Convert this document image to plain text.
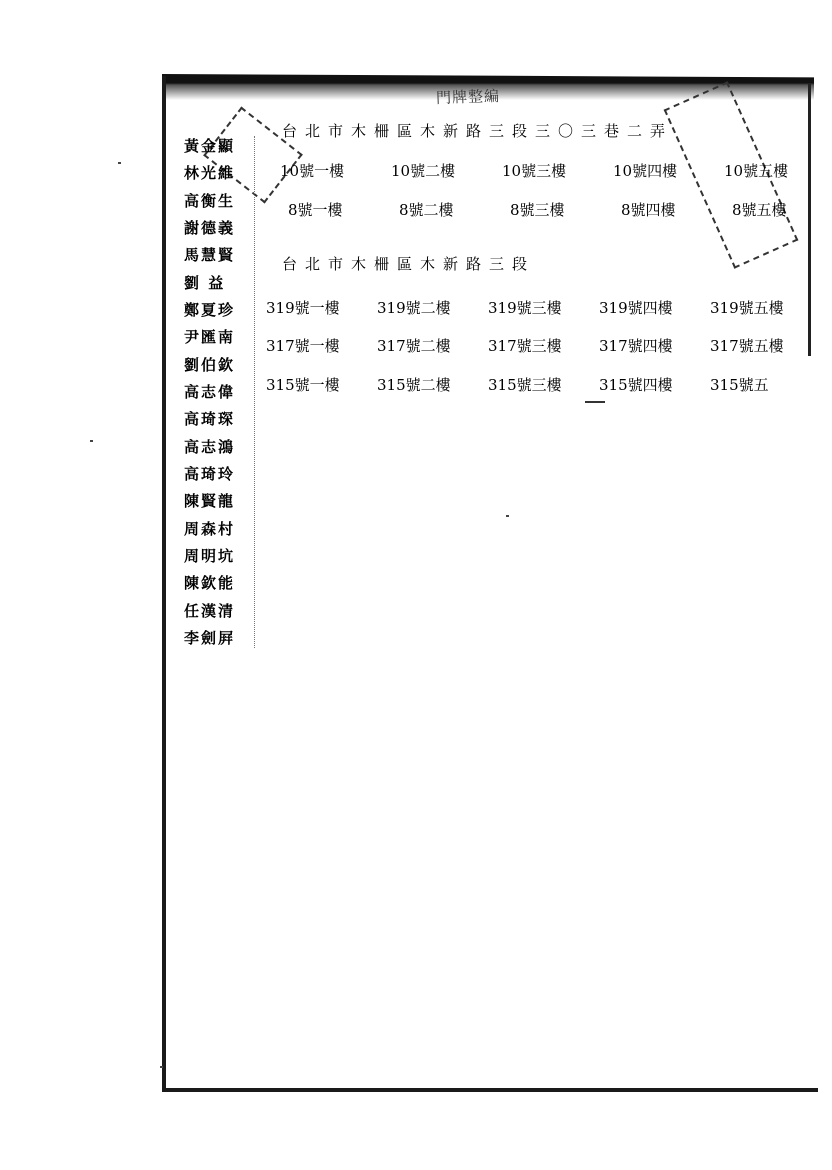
門牌整編
黃金顯
林光維
高衡生
謝德義
馬慧賢
劉 益
鄭夏珍
尹匯南
劉伯欽
高志偉
高琦琛
高志鴻
高琦玲
陳賢龍
周森村
周明坑
陳欽能
任漢清
李劍屛
台北市木柵區木新路三段三〇三巷二弄
10號一樓	10號二樓	10號三樓	10號四樓	10號五樓
8號一樓	8號二樓	8號三樓	8號四樓	8號五樓
台北市木柵區木新路三段
319號一樓	319號二樓	319號三樓	319號四樓	319號五樓
317號一樓	317號二樓	317號三樓	317號四樓	317號五樓
315號一樓	315號二樓	315號三樓	315號四樓	315號五
